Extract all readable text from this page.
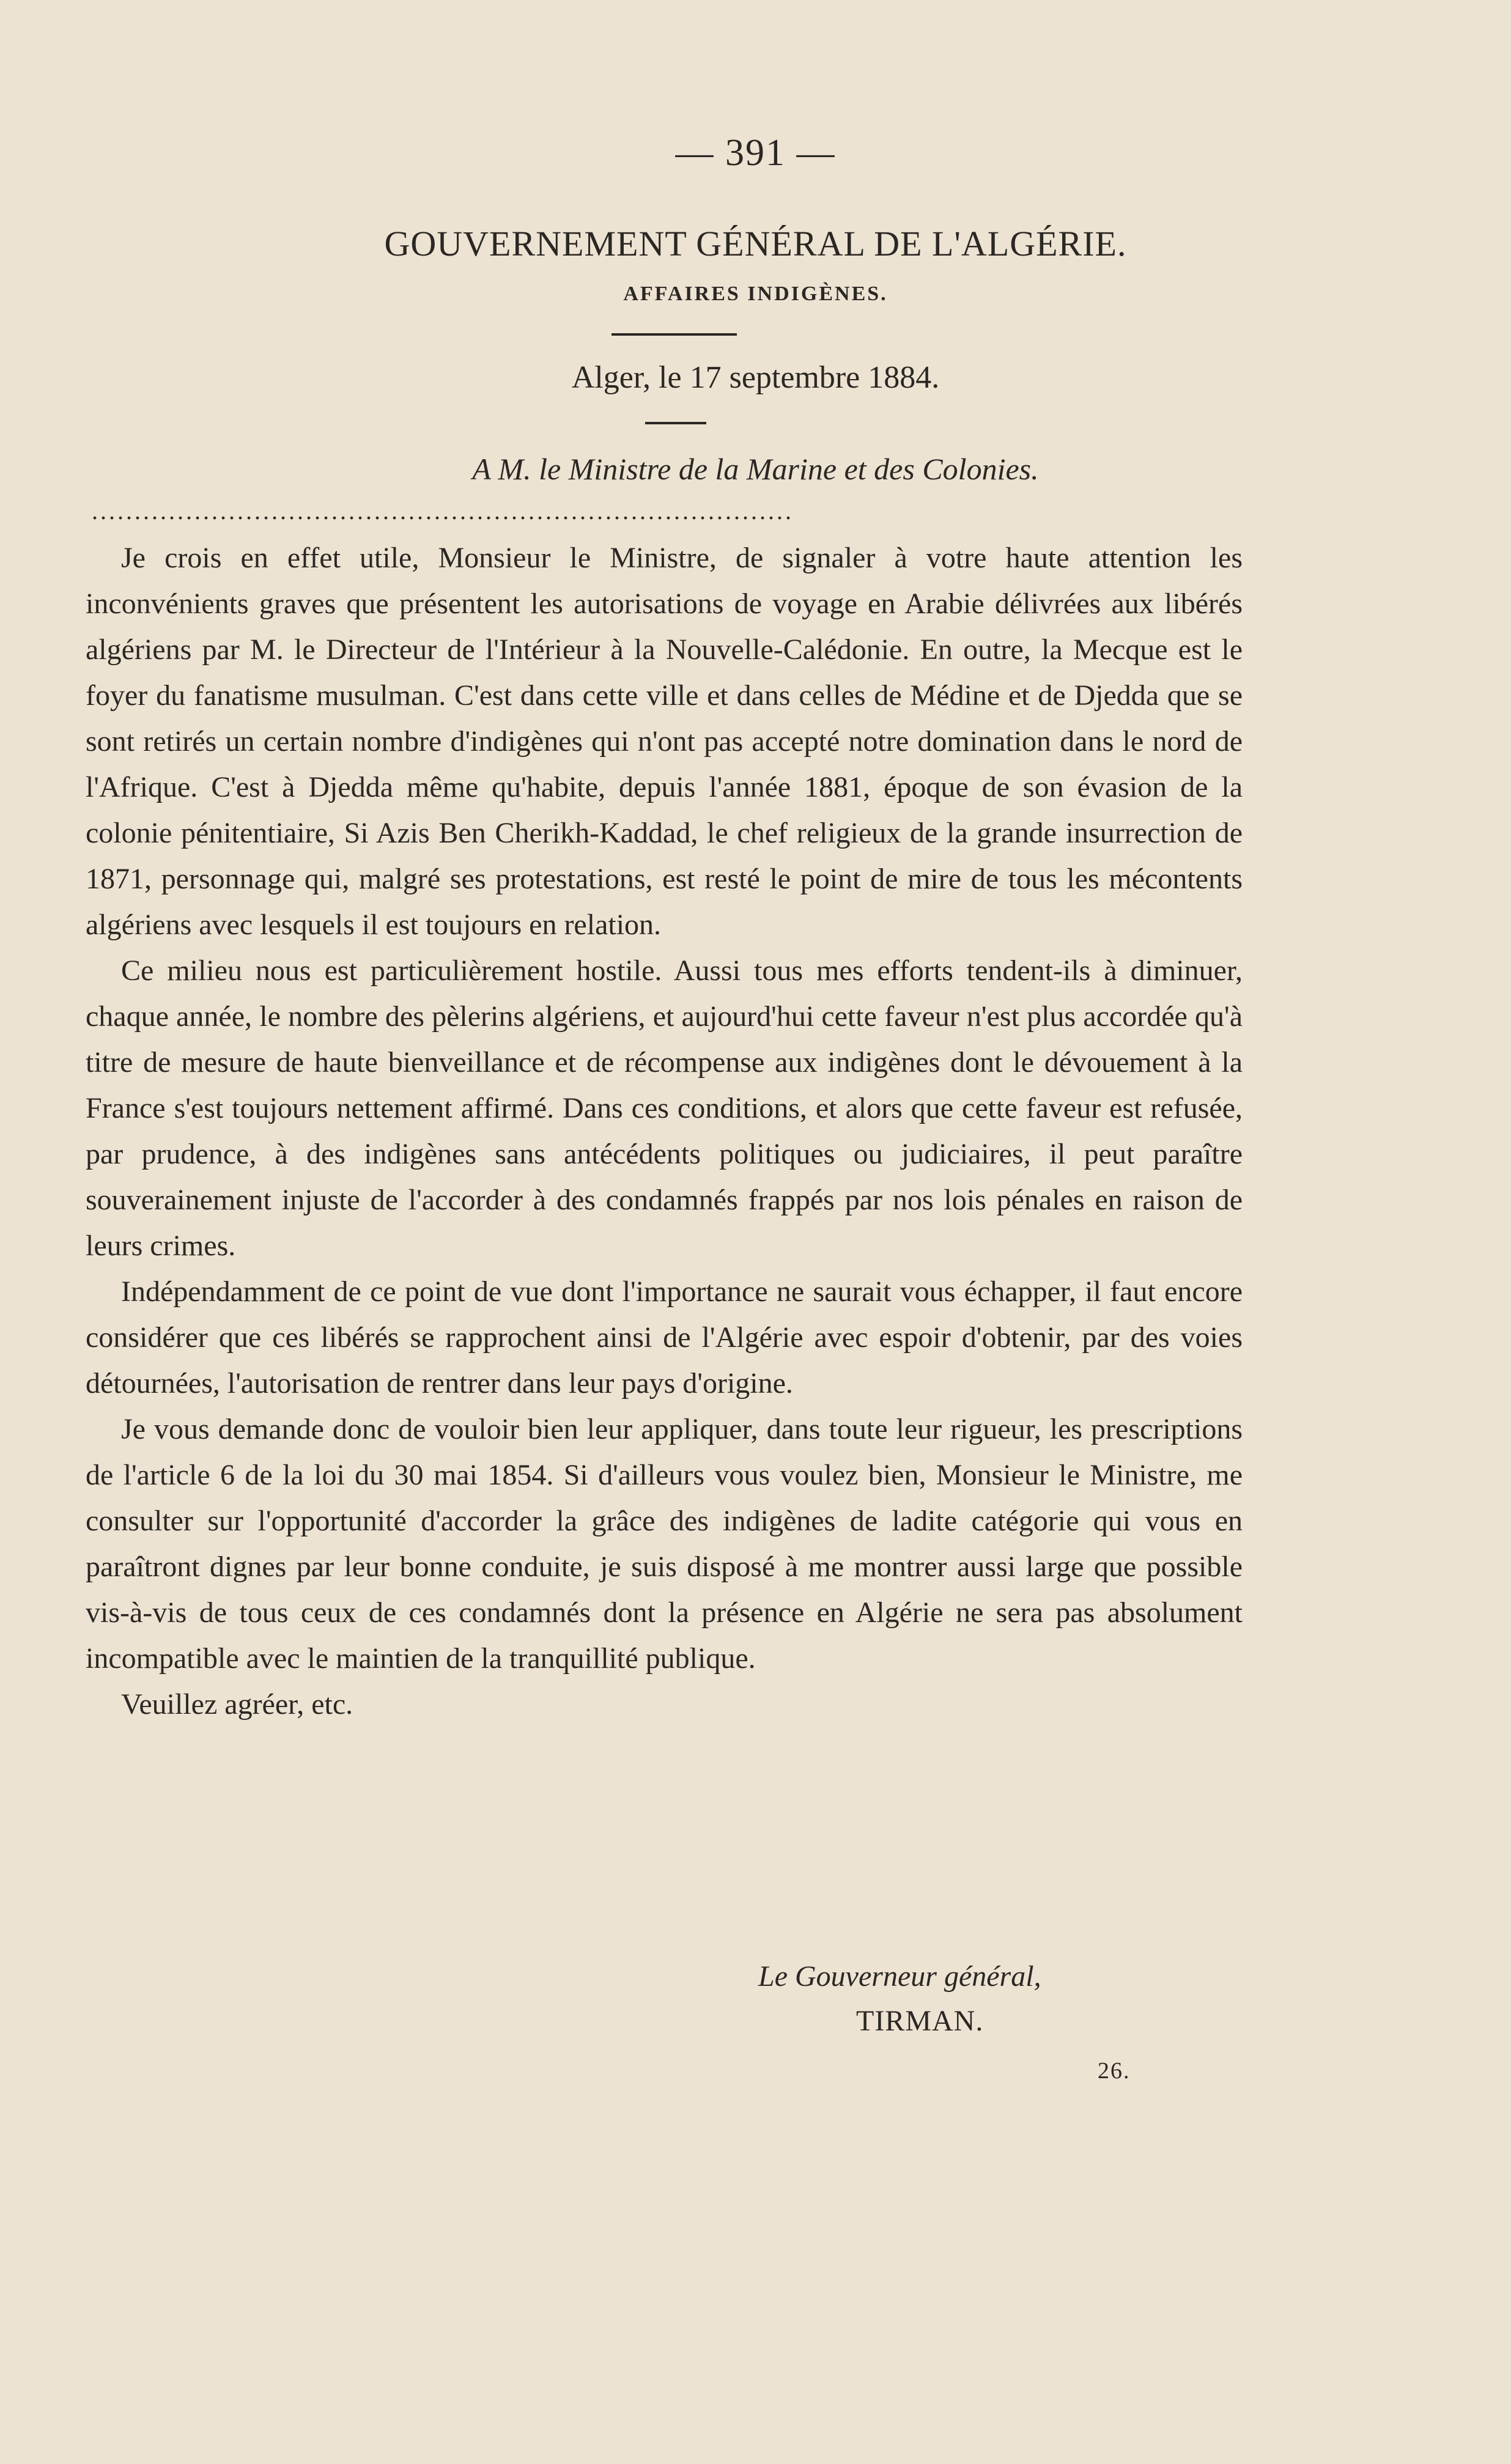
— 391 —
GOUVERNEMENT GÉNÉRAL DE L'ALGÉRIE.
AFFAIRES INDIGÈNES.
Alger, le 17 septembre 1884.
A M. le Ministre de la Marine et des Colonies.
..................................................................................

Je crois en effet utile, Monsieur le Ministre, de signaler à votre haute attention les inconvénients graves que présentent les autorisations de voyage en Arabie délivrées aux libérés algériens par M. le Directeur de l'Intérieur à la Nouvelle-Calédonie. En outre, la Mecque est le foyer du fanatisme musulman. C'est dans cette ville et dans celles de Médine et de Djedda que se sont retirés un certain nombre d'indigènes qui n'ont pas accepté notre domination dans le nord de l'Afrique. C'est à Djedda même qu'habite, depuis l'année 1881, époque de son évasion de la colonie pénitentiaire, Si Azis Ben Cherikh-Kaddad, le chef religieux de la grande insurrection de 1871, personnage qui, malgré ses protestations, est resté le point de mire de tous les mécontents algériens avec lesquels il est toujours en relation.

Ce milieu nous est particulièrement hostile. Aussi tous mes efforts tendent-ils à diminuer, chaque année, le nombre des pèlerins algériens, et aujourd'hui cette faveur n'est plus accordée qu'à titre de mesure de haute bienveillance et de récompense aux indigènes dont le dévouement à la France s'est toujours nettement affirmé. Dans ces conditions, et alors que cette faveur est refusée, par prudence, à des indigènes sans antécédents politiques ou judiciaires, il peut paraître souverainement injuste de l'accorder à des condamnés frappés par nos lois pénales en raison de leurs crimes.

Indépendamment de ce point de vue dont l'importance ne saurait vous échapper, il faut encore considérer que ces libérés se rapprochent ainsi de l'Algérie avec espoir d'obtenir, par des voies détournées, l'autorisation de rentrer dans leur pays d'origine.

Je vous demande donc de vouloir bien leur appliquer, dans toute leur rigueur, les prescriptions de l'article 6 de la loi du 30 mai 1854. Si d'ailleurs vous voulez bien, Monsieur le Ministre, me consulter sur l'opportunité d'accorder la grâce des indigènes de ladite catégorie qui vous en paraîtront dignes par leur bonne conduite, je suis disposé à me montrer aussi large que possible vis-à-vis de tous ceux de ces condamnés dont la présence en Algérie ne sera pas absolument incompatible avec le maintien de la tranquillité publique.

Veuillez agréer, etc.

Le Gouverneur général,
TIRMAN.
26.
